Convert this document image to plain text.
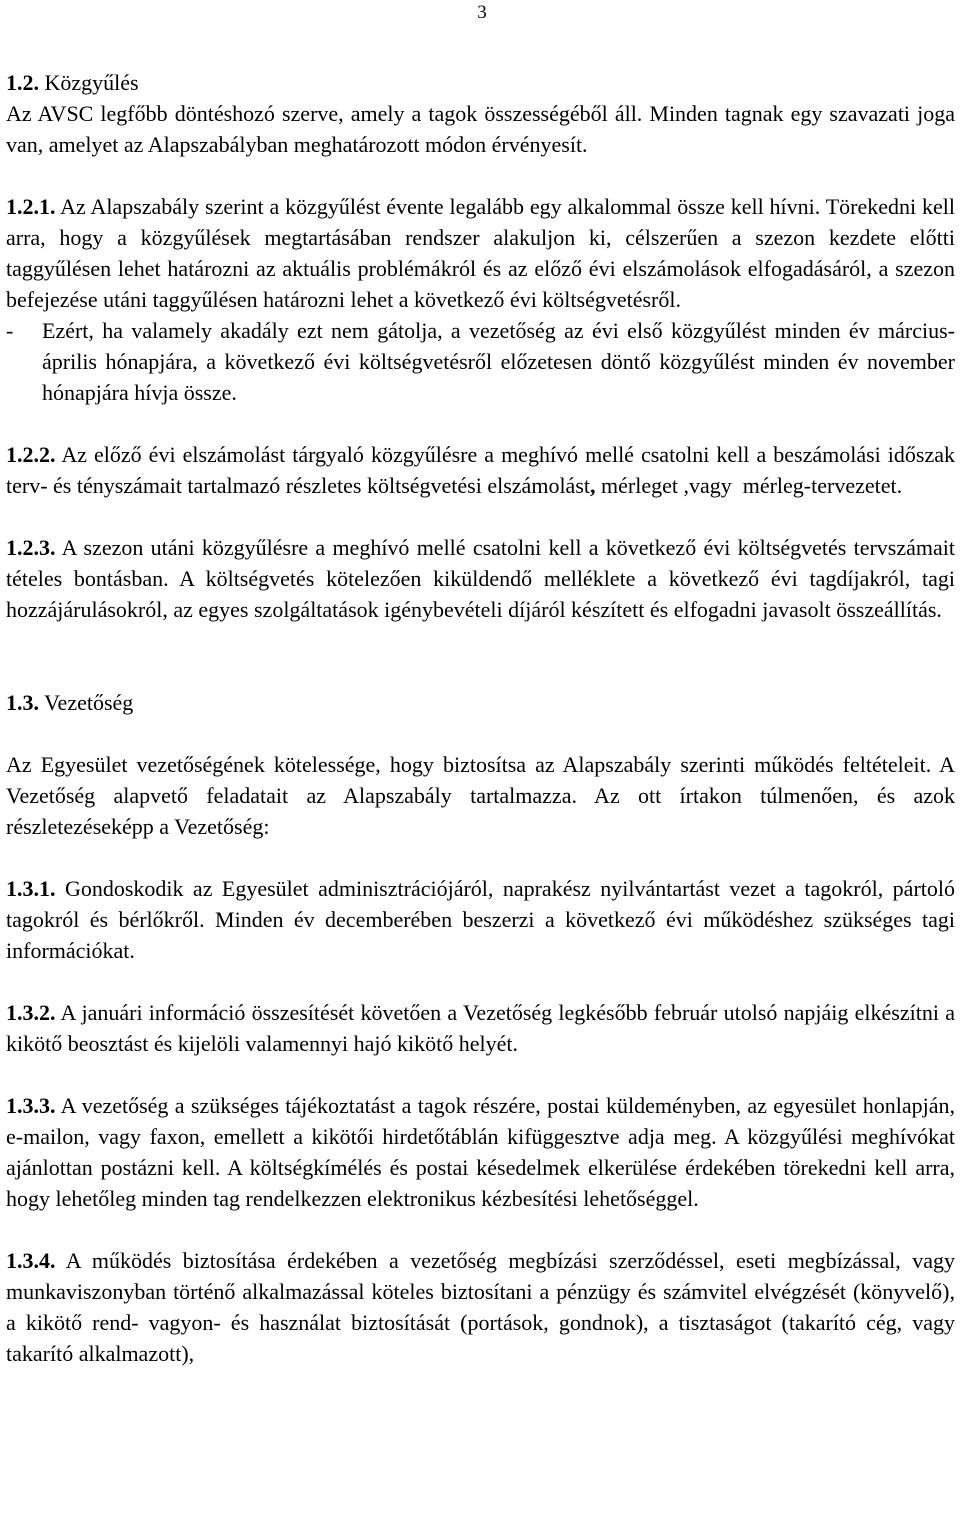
3

1.2. Közgyűlés

Az AVSC legfőbb döntéshozó szerve, amely a tagok összességéből áll. Minden tagnak egy szavazati joga van, amelyet az Alapszabályban meghatározott módon érvényesít.

1.2.1. Az Alapszabály szerint a közgyűlést évente legalább egy alkalommal össze kell hívni. Törekedni kell arra, hogy a közgyűlések megtartásában rendszer alakuljon ki, célszerűen a szezon kezdete előtti taggyűlésen lehet határozni az aktuális problémákról és az előző évi elszámolások elfogadásáról, a szezon befejezése utáni taggyűlésen határozni lehet a következő évi költségvetésről.

- Ezért, ha valamely akadály ezt nem gátolja, a vezetőség az évi első közgyűlést minden év március-április hónapjára, a következő évi költségvetésről előzetesen döntő közgyűlést minden év november hónapjára hívja össze.

1.2.2. Az előző évi elszámolást tárgyaló közgyűlésre a meghívó mellé csatolni kell a beszámolási időszak terv- és tényszámait tartalmazó részletes költségvetési elszámolást, mérleget ,vagy  mérleg-tervezetet.

1.2.3. A szezon utáni közgyűlésre a meghívó mellé csatolni kell a következő évi költségvetés tervszámait tételes bontásban. A költségvetés kötelezően kiküldendő melléklete a következő évi tagdíjakról, tagi hozzájárulásokról, az egyes szolgáltatások igénybevételi díjáról készített és elfogadni javasolt összeállítás.

1.3. Vezetőség

Az Egyesület vezetőségének kötelessége, hogy biztosítsa az Alapszabály szerinti működés feltételeit. A Vezetőség alapvető feladatait az Alapszabály tartalmazza. Az ott írtakon túlmenően, és azok részletezéseképp a Vezetőség:

1.3.1. Gondoskodik az Egyesület adminisztrációjáról, naprakész nyilvántartást vezet a tagokról, pártoló tagokról és bérlőkről. Minden év decemberében beszerzi a következő évi működéshez szükséges tagi információkat.

1.3.2. A januári információ összesítését követően a Vezetőség legkésőbb február utolsó napjáig elkészítni a kikötő beosztást és kijelöli valamennyi hajó kikötő helyét.

1.3.3. A vezetőség a szükséges tájékoztatást a tagok részére, postai küldeményben, az egyesület honlapján, e-mailon, vagy faxon, emellett a kikötői hirdetőtáblán kifüggesztve adja meg. A közgyűlési meghívókat ajánlottan postázni kell. A költségkímélés és postai késedelmek elkerülése érdekében törekedni kell arra, hogy lehetőleg minden tag rendelkezzen elektronikus kézbesítési lehetőséggel.

1.3.4. A működés biztosítása érdekében a vezetőség megbízási szerződéssel, eseti megbízással, vagy munkaviszonyban történő alkalmazással köteles biztosítani a pénzügy és számvitel elvégzését (könyvelő), a kikötő rend- vagyon- és használat biztosítását (portások, gondnok), a tisztaságot (takarító cég, vagy takarító alkalmazott),
